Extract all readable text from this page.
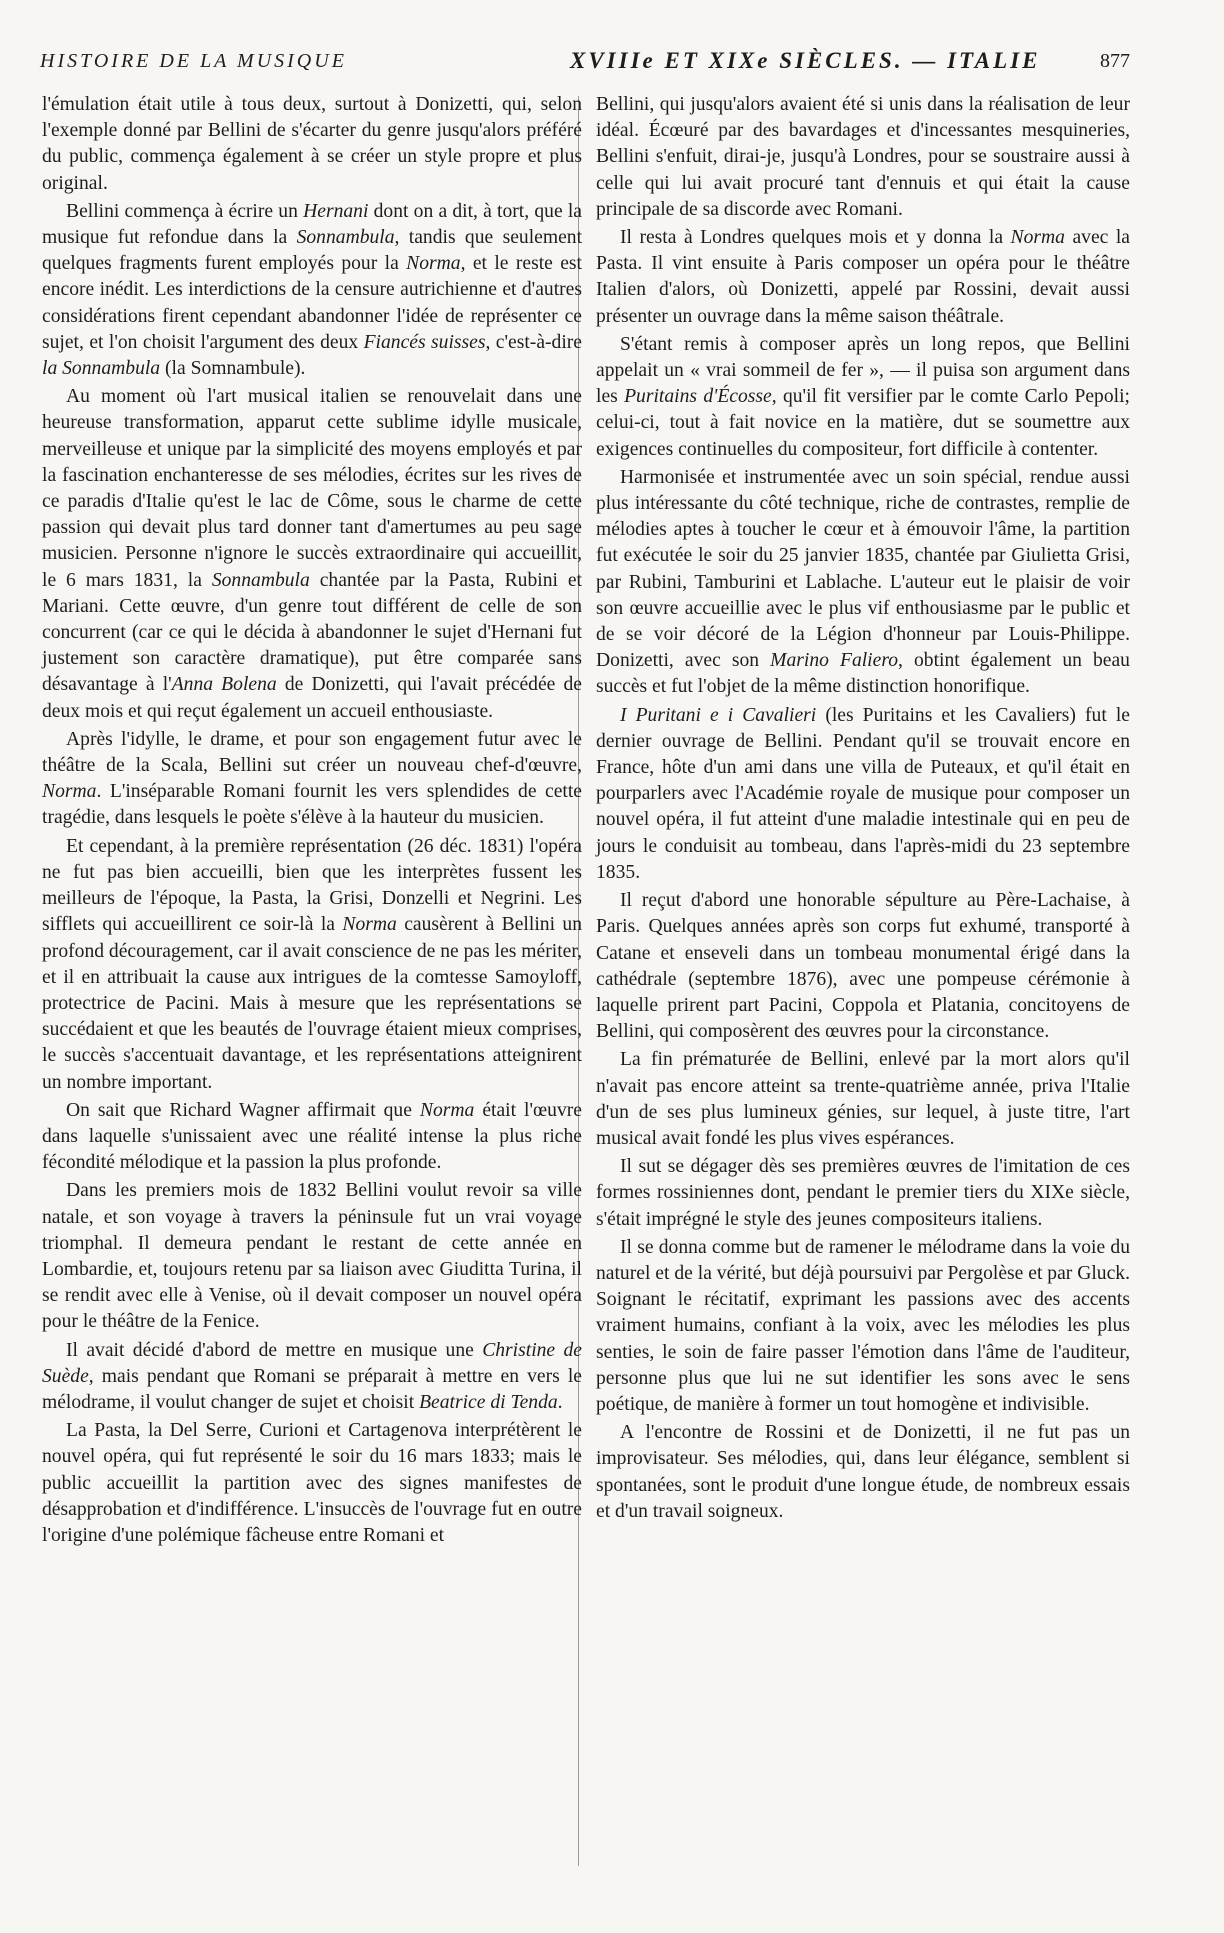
HISTOIRE DE LA MUSIQUE	XVIIIe ET XIXe SIÈCLES. — ITALIE	877

l'émulation était utile à tous deux, surtout à Donizetti, qui, selon l'exemple donné par Bellini de s'écarter du genre jusqu'alors préféré du public, commença également à se créer un style propre et plus original.

Bellini commença à écrire un Hernani dont on a dit, à tort, que la musique fut refondue dans la Sonnambula, tandis que seulement quelques fragments furent employés pour la Norma, et le reste est encore inédit. Les interdictions de la censure autrichienne et d'autres considérations firent cependant abandonner l'idée de représenter ce sujet, et l'on choisit l'argument des deux Fiancés suisses, c'est-à-dire la Sonnambula (la Somnambule).

Au moment où l'art musical italien se renouvelait dans une heureuse transformation, apparut cette sublime idylle musicale, merveilleuse et unique par la simplicité des moyens employés et par la fascination enchanteresse de ses mélodies, écrites sur les rives de ce paradis d'Italie qu'est le lac de Côme, sous le charme de cette passion qui devait plus tard donner tant d'amertumes au peu sage musicien. Personne n'ignore le succès extraordinaire qui accueillit, le 6 mars 1831, la Sonnambula chantée par la Pasta, Rubini et Mariani. Cette œuvre, d'un genre tout différent de celle de son concurrent (car ce qui le décida à abandonner le sujet d'Hernani fut justement son caractère dramatique), put être comparée sans désavantage à l'Anna Bolena de Donizetti, qui l'avait précédée de deux mois et qui reçut également un accueil enthousiaste.

Après l'idylle, le drame, et pour son engagement futur avec le théâtre de la Scala, Bellini sut créer un nouveau chef-d'œuvre, Norma. L'inséparable Romani fournit les vers splendides de cette tragédie, dans lesquels le poète s'élève à la hauteur du musicien.

Et cependant, à la première représentation (26 déc. 1831) l'opéra ne fut pas bien accueilli, bien que les interprètes fussent les meilleurs de l'époque, la Pasta, la Grisi, Donzelli et Negrini. Les sifflets qui accueillirent ce soir-là la Norma causèrent à Bellini un profond découragement, car il avait conscience de ne pas les mériter, et il en attribuait la cause aux intrigues de la comtesse Samoyloff, protectrice de Pacini. Mais à mesure que les représentations se succédaient et que les beautés de l'ouvrage étaient mieux comprises, le succès s'accentuait davantage, et les représentations atteignirent un nombre important.

On sait que Richard Wagner affirmait que Norma était l'œuvre dans laquelle s'unissaient avec une réalité intense la plus riche fécondité mélodique et la passion la plus profonde.

Dans les premiers mois de 1832 Bellini voulut revoir sa ville natale, et son voyage à travers la péninsule fut un vrai voyage triomphal. Il demeura pendant le restant de cette année en Lombardie, et, toujours retenu par sa liaison avec Giuditta Turina, il se rendit avec elle à Venise, où il devait composer un nouvel opéra pour le théâtre de la Fenice.

Il avait décidé d'abord de mettre en musique une Christine de Suède, mais pendant que Romani se préparait à mettre en vers le mélodrame, il voulut changer de sujet et choisit Beatrice di Tenda.

La Pasta, la Del Serre, Curioni et Cartagenova interprétèrent le nouvel opéra, qui fut représenté le soir du 16 mars 1833; mais le public accueillit la partition avec des signes manifestes de désapprobation et d'indifférence. L'insuccès de l'ouvrage fut en outre l'origine d'une polémique fâcheuse entre Romani et

Bellini, qui jusqu'alors avaient été si unis dans la réalisation de leur idéal. Écœuré par des bavardages et d'incessantes mesquineries, Bellini s'enfuit, dirai-je, jusqu'à Londres, pour se soustraire aussi à celle qui lui avait procuré tant d'ennuis et qui était la cause principale de sa discorde avec Romani.

Il resta à Londres quelques mois et y donna la Norma avec la Pasta. Il vint ensuite à Paris composer un opéra pour le théâtre Italien d'alors, où Donizetti, appelé par Rossini, devait aussi présenter un ouvrage dans la même saison théâtrale.

S'étant remis à composer après un long repos, que Bellini appelait un « vrai sommeil de fer », — il puisa son argument dans les Puritains d'Écosse, qu'il fit versifier par le comte Carlo Pepoli; celui-ci, tout à fait novice en la matière, dut se soumettre aux exigences continuelles du compositeur, fort difficile à contenter.

Harmonisée et instrumentée avec un soin spécial, rendue aussi plus intéressante du côté technique, riche de contrastes, remplie de mélodies aptes à toucher le cœur et à émouvoir l'âme, la partition fut exécutée le soir du 25 janvier 1835, chantée par Giulietta Grisi, par Rubini, Tamburini et Lablache. L'auteur eut le plaisir de voir son œuvre accueillie avec le plus vif enthousiasme par le public et de se voir décoré de la Légion d'honneur par Louis-Philippe. Donizetti, avec son Marino Faliero, obtint également un beau succès et fut l'objet de la même distinction honorifique.

I Puritani e i Cavalieri (les Puritains et les Cavaliers) fut le dernier ouvrage de Bellini. Pendant qu'il se trouvait encore en France, hôte d'un ami dans une villa de Puteaux, et qu'il était en pourparlers avec l'Académie royale de musique pour composer un nouvel opéra, il fut atteint d'une maladie intestinale qui en peu de jours le conduisit au tombeau, dans l'après-midi du 23 septembre 1835.

Il reçut d'abord une honorable sépulture au Père-Lachaise, à Paris. Quelques années après son corps fut exhumé, transporté à Catane et enseveli dans un tombeau monumental érigé dans la cathédrale (septembre 1876), avec une pompeuse cérémonie à laquelle prirent part Pacini, Coppola et Platania, concitoyens de Bellini, qui composèrent des œuvres pour la circonstance.

La fin prématurée de Bellini, enlevé par la mort alors qu'il n'avait pas encore atteint sa trente-quatrième année, priva l'Italie d'un de ses plus lumineux génies, sur lequel, à juste titre, l'art musical avait fondé les plus vives espérances.

Il sut se dégager dès ses premières œuvres de l'imitation de ces formes rossiniennes dont, pendant le premier tiers du XIXe siècle, s'était imprégné le style des jeunes compositeurs italiens.

Il se donna comme but de ramener le mélodrame dans la voie du naturel et de la vérité, but déjà poursuivi par Pergolèse et par Gluck. Soignant le récitatif, exprimant les passions avec des accents vraiment humains, confiant à la voix, avec les mélodies les plus senties, le soin de faire passer l'émotion dans l'âme de l'auditeur, personne plus que lui ne sut identifier les sons avec le sens poétique, de manière à former un tout homogène et indivisible.

A l'encontre de Rossini et de Donizetti, il ne fut pas un improvisateur. Ses mélodies, qui, dans leur élégance, semblent si spontanées, sont le produit d'une longue étude, de nombreux essais et d'un travail soigneux.
